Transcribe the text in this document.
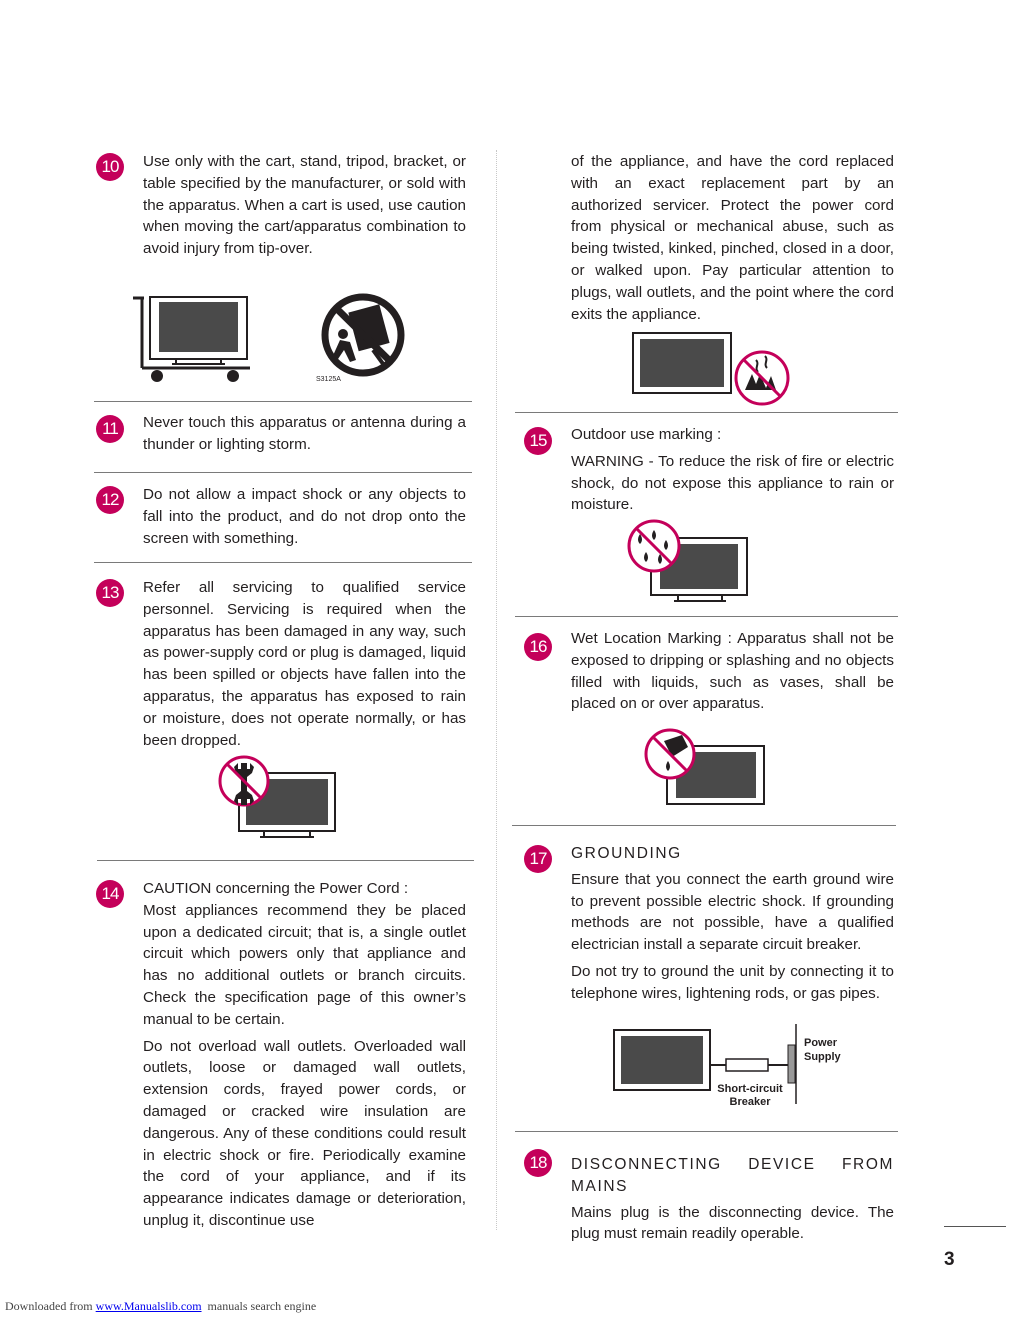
10	Use only with the cart, stand, tripod, bracket, or table specified by the manufacturer, or sold with the apparatus. When a cart is used, use caution when moving the cart/apparatus combination to avoid injury from tip-over.

S3125A
11	Never touch this apparatus or antenna during a thunder or lighting storm.

12	Do not allow a impact shock or any objects to fall into the product, and do not drop onto the screen with something.

13	Refer all servicing to qualified service personnel. Servicing is required when the apparatus has been damaged in any way, such as power-supply cord or plug is damaged, liquid has been spilled or objects have fallen into the apparatus, the apparatus has exposed to rain or moisture, does not operate normally, or has been dropped.

14	CAUTION concerning the Power Cord :

Most appliances recommend they be placed upon a dedicated circuit; that is, a single outlet circuit which powers only that appliance and has no additional outlets or branch circuits. Check the specification page of this owner’s manual to be certain.

Do not overload wall outlets. Overloaded wall outlets, loose or damaged wall outlets, extension cords, frayed power cords, or damaged or cracked wire insulation are dangerous. Any of these conditions could result in electric shock or fire. Periodically examine the cord of your appliance, and if its appearance indicates damage or deterioration, unplug it, discontinue use

of the appliance, and have the cord replaced with an exact replacement part by an authorized servicer. Protect the power cord from physical or mechanical abuse, such as being twisted, kinked, pinched, closed in a door, or walked upon. Pay particular attention to plugs, wall outlets, and the point where the cord exits the appliance.

15	Outdoor use marking :

WARNING - To reduce the risk of fire or electric shock, do not expose this appliance to rain or moisture.

16	Wet Location Marking : Apparatus shall not be exposed to dripping or splashing and no objects filled with liquids, such as vases, shall be placed on or over apparatus.

17	GROUNDING

Ensure that you connect the earth ground wire to prevent possible electric shock. If grounding methods are not possible, have a qualified electrician install a separate circuit breaker.

Do not try to ground the unit by connecting it to telephone wires, lightening rods, or gas pipes.

Power
Supply
Short-circuit
Breaker
18	DISCONNECTING DEVICE FROM MAINS

Mains plug is the disconnecting device. The plug must remain readily operable.

3
Downloaded from www.Manualslib.com  manuals search engine
